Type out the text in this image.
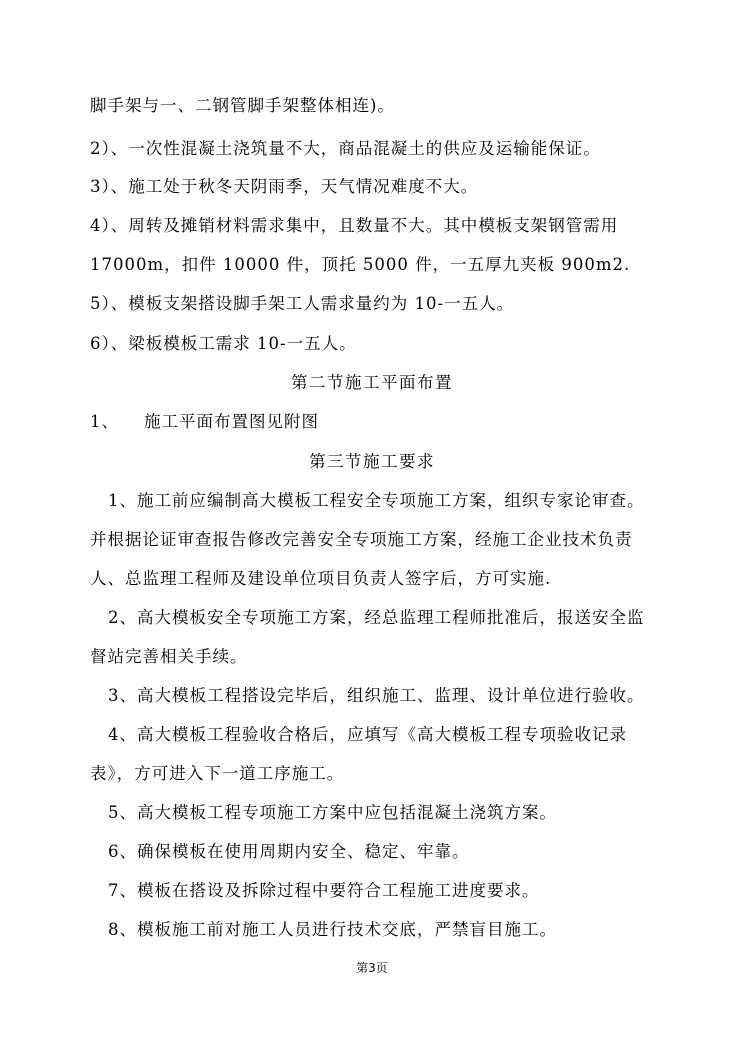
脚手架与一、二钢管脚手架整体相连)。
2）、一次性混凝土浇筑量不大，商品混凝土的供应及运输能保证。
3）、施工处于秋冬天阴雨季，天气情况难度不大。
4）、周转及摊销材料需求集中，且数量不大。其中模板支架钢管需用
17000m，扣件 10000 件，顶托 5000 件，一五厚九夹板 900m2.
5）、模板支架搭设脚手架工人需求量约为 10-一五人。
6）、梁板模板工需求 10-一五人。
第二节施工平面布置
1、    施工平面布置图见附图
第三节施工要求
1、施工前应编制高大模板工程安全专项施工方案，组织专家论审查。
并根据论证审查报告修改完善安全专项施工方案，经施工企业技术负责
人、总监理工程师及建设单位项目负责人签字后，方可实施.
2、高大模板安全专项施工方案，经总监理工程师批准后，报送安全监
督站完善相关手续。
3、高大模板工程搭设完毕后，组织施工、监理、设计单位进行验收。
4、高大模板工程验收合格后，应填写《高大模板工程专项验收记录
表》，方可进入下一道工序施工。
5、高大模板工程专项施工方案中应包括混凝土浇筑方案。
6、确保模板在使用周期内安全、稳定、牢靠。
7、模板在搭设及拆除过程中要符合工程施工进度要求。
8、模板施工前对施工人员进行技术交底，严禁盲目施工。
第3页
